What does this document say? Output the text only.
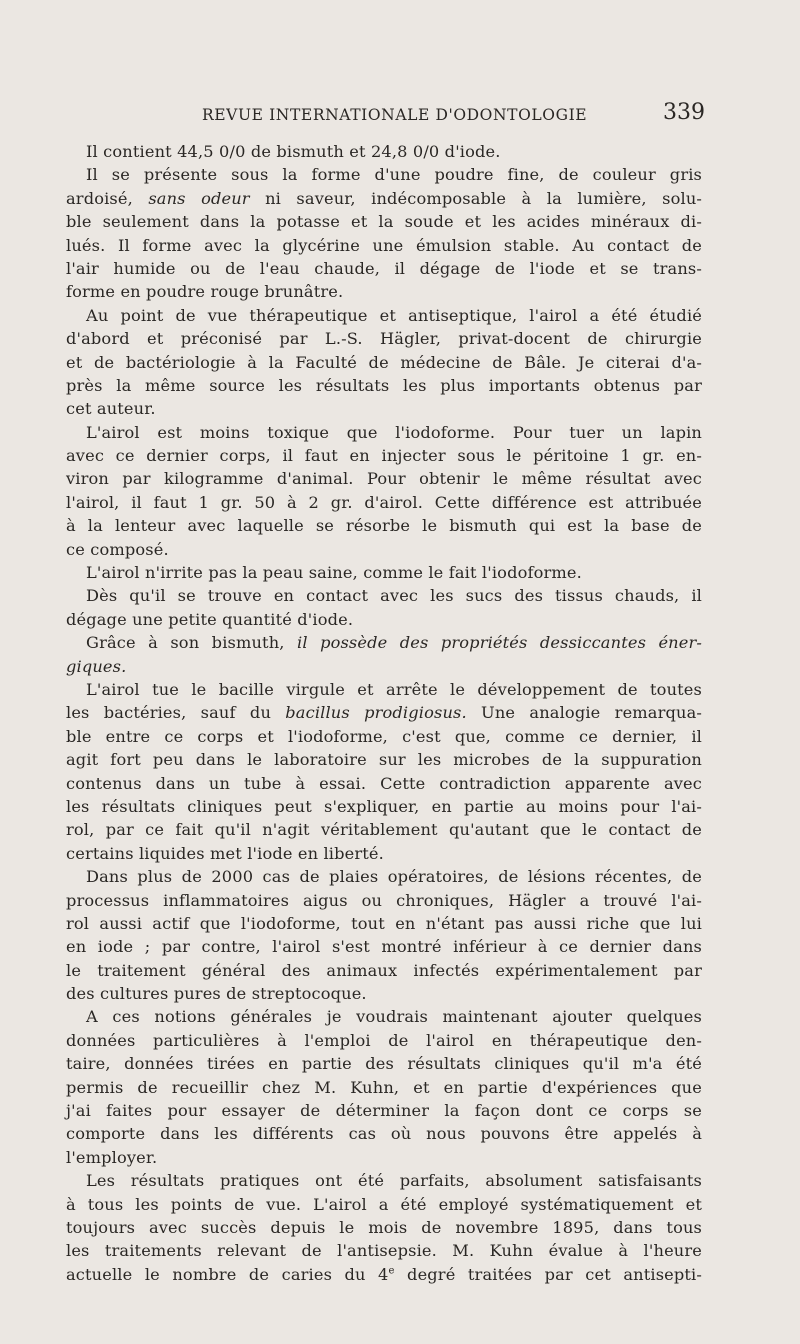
REVUE INTERNATIONALE D'ODONTOLOGIE	339
Il contient 44,5 0/0 de bismuth et 24,8 0/0 d'iode.
Il se présente sous la forme d'une poudre fine, de couleur gris
ardoisé, sans odeur ni saveur, indécomposable à la lumière, solu-
ble seulement dans la potasse et la soude et les acides minéraux di-
lués. Il forme avec la glycérine une émulsion stable. Au contact de
l'air humide ou de l'eau chaude, il dégage de l'iode et se trans-
forme en poudre rouge brunâtre.
Au point de vue thérapeutique et antiseptique, l'airol a été étudié
d'abord et préconisé par L.-S. Hägler, privat-docent de chirurgie
et de bactériologie à la Faculté de médecine de Bâle. Je citerai d'a-
près la même source les résultats les plus importants obtenus par
cet auteur.
L'airol est moins toxique que l'iodoforme. Pour tuer un lapin
avec ce dernier corps, il faut en injecter sous le péritoine 1 gr. en-
viron par kilogramme d'animal. Pour obtenir le même résultat avec
l'airol, il faut 1 gr. 50 à 2 gr. d'airol. Cette différence est attribuée
à la lenteur avec laquelle se résorbe le bismuth qui est la base de
ce composé.
L'airol n'irrite pas la peau saine, comme le fait l'iodoforme.
Dès qu'il se trouve en contact avec les sucs des tissus chauds, il
dégage une petite quantité d'iode.
Grâce à son bismuth, il possède des propriétés dessiccantes éner-
giques.
L'airol tue le bacille virgule et arrête le développement de toutes
les bactéries, sauf du bacillus prodigiosus. Une analogie remarqua-
ble entre ce corps et l'iodoforme, c'est que, comme ce dernier, il
agit fort peu dans le laboratoire sur les microbes de la suppuration
contenus dans un tube à essai. Cette contradiction apparente avec
les résultats cliniques peut s'expliquer, en partie au moins pour l'ai-
rol, par ce fait qu'il n'agit véritablement qu'autant que le contact de
certains liquides met l'iode en liberté.
Dans plus de 2000 cas de plaies opératoires, de lésions récentes, de
processus inflammatoires aigus ou chroniques, Hägler a trouvé l'ai-
rol aussi actif que l'iodoforme, tout en n'étant pas aussi riche que lui
en iode ; par contre, l'airol s'est montré inférieur à ce dernier dans
le traitement général des animaux infectés expérimentalement par
des cultures pures de streptocoque.
A ces notions générales je voudrais maintenant ajouter quelques
données particulières à l'emploi de l'airol en thérapeutique den-
taire, données tirées en partie des résultats cliniques qu'il m'a été
permis de recueillir chez M. Kuhn, et en partie d'expériences que
j'ai faites pour essayer de déterminer la façon dont ce corps se
comporte dans les différents cas où nous pouvons être appelés à
l'employer.
Les résultats pratiques ont été parfaits, absolument satisfaisants
à tous les points de vue. L'airol a été employé systématiquement et
toujours avec succès depuis le mois de novembre 1895, dans tous
les traitements relevant de l'antisepsie. M. Kuhn évalue à l'heure
actuelle le nombre de caries du 4e degré traitées par cet antisepti-
